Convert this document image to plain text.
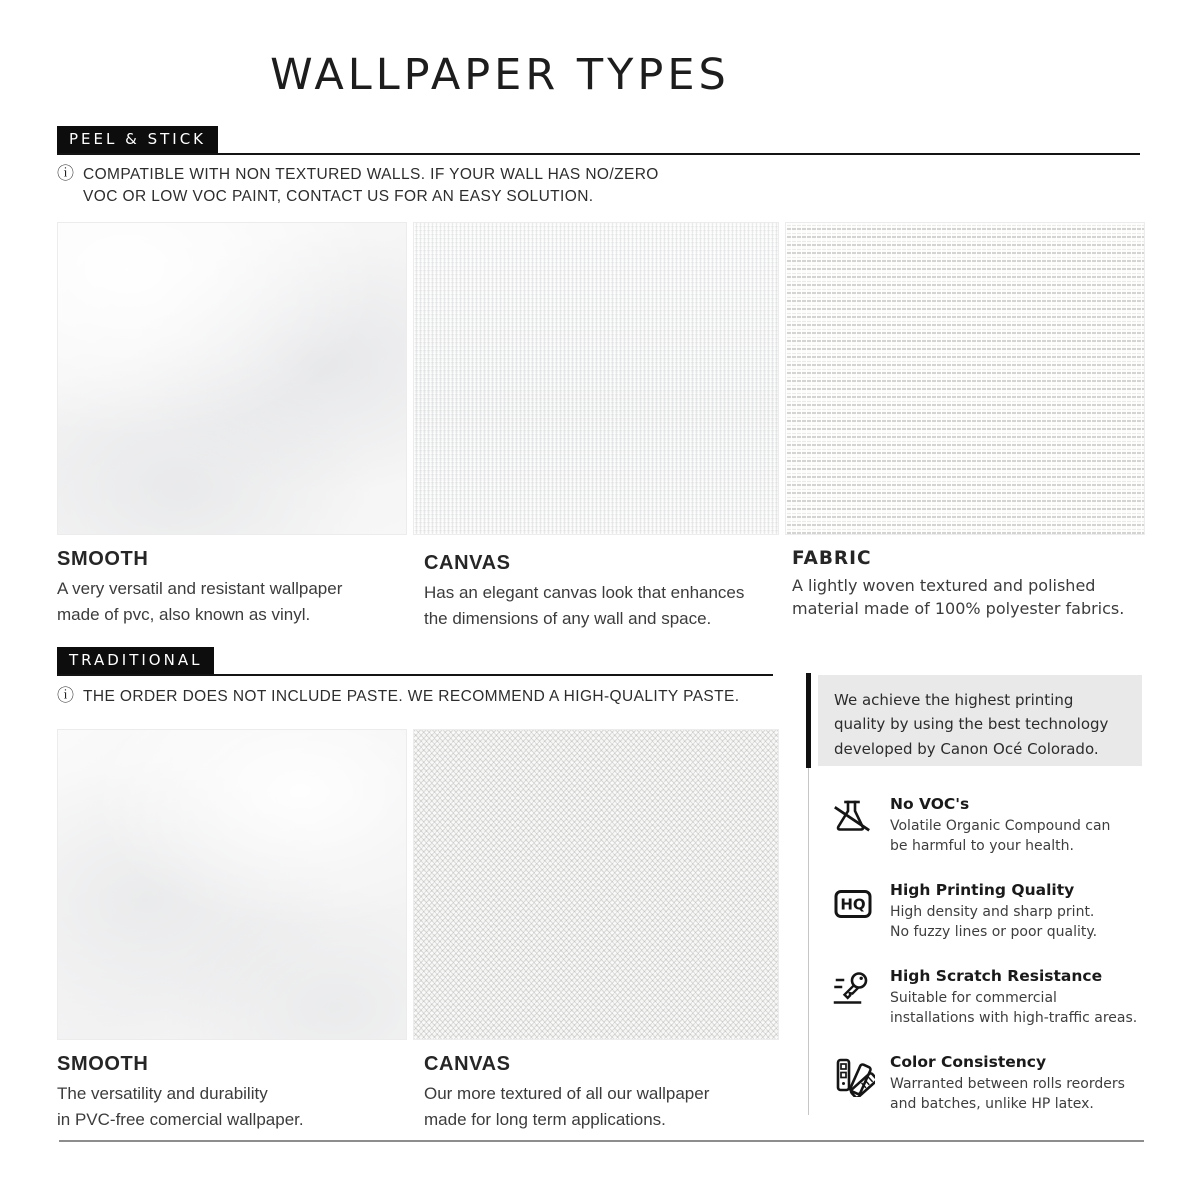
WALLPAPER TYPES
PEEL & STICK
ⓘ COMPATIBLE WITH NON TEXTURED WALLS. IF YOUR WALL HAS NO/ZERO
VOC OR LOW VOC PAINT, CONTACT US FOR AN EASY SOLUTION.
SMOOTH
A very versatil and resistant wallpaper
made of pvc, also known as vinyl.
CANVAS
Has an elegant canvas look that enhances
the dimensions of any wall and space.
FABRIC
A lightly woven textured and polished
material made of 100% polyester fabrics.
TRADITIONAL
ⓘ THE ORDER DOES NOT INCLUDE PASTE. WE RECOMMEND A HIGH-QUALITY PASTE.
SMOOTH
The versatility and durability
in PVC-free comercial wallpaper.
CANVAS
Our more textured of all our wallpaper
made for long term applications.
We achieve the highest printing
quality by using the best technology
developed by Canon Océ Colorado.
No VOC's
Volatile Organic Compound can
be harmful to your health.
HQ
High Printing Quality
High density and sharp print.
No fuzzy lines or poor quality.
High Scratch Resistance
Suitable for commercial
installations with high-traffic areas.
Color Consistency
Warranted between rolls reorders
and batches, unlike HP latex.
